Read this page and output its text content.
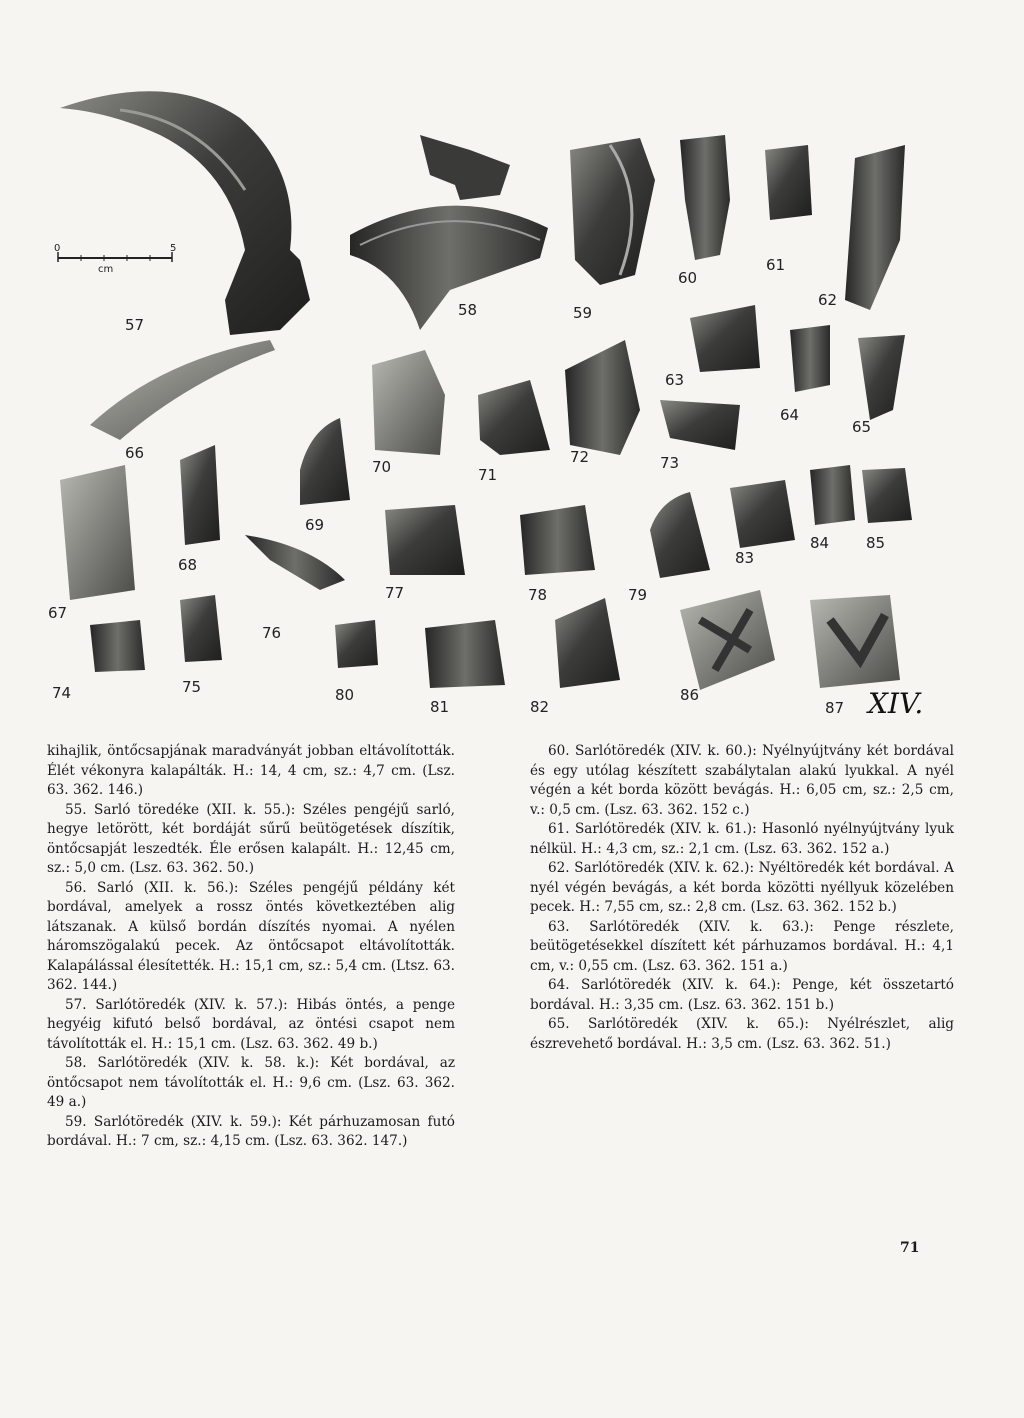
0	5
cm
57
58	59
60
61
62
63
64
65
66
67
68
69
70	71
72	73
74	75
76
77	78	79
80
81	82
83
84 85
86
87 XIV.

kihajlik, öntőcsapjának maradványát jobban eltávolították. Élét vékonyra kalapálták. H.: 14, 4 cm, sz.: 4,7 cm. (Lsz. 63. 362. 146.)

55. Sarló töredéke (XII. k. 55.): Széles pengéjű sarló, hegye letörött, két bordáját sűrű beütögetések díszítik, öntőcsapját leszedték. Éle erősen kalapált. H.: 12,45 cm, sz.: 5,0 cm. (Lsz. 63. 362. 50.)

56. Sarló (XII. k. 56.): Széles pengéjű példány két bordával, amelyek a rossz öntés következtében alig látszanak. A külső bordán díszítés nyomai. A nyélen háromszögalakú pecek. Az öntőcsapot eltávolították. Kalapálással élesítették. H.: 15,1 cm, sz.: 5,4 cm. (Ltsz. 63. 362. 144.)

57. Sarlótöredék (XIV. k. 57.): Hibás öntés, a penge hegyéig kifutó belső bordával, az öntési csapot nem távolították el. H.: 15,1 cm. (Lsz. 63. 362. 49 b.)

58. Sarlótöredék (XIV. k. 58. k.): Két bordával, az öntőcsapot nem távolították el. H.: 9,6 cm. (Lsz. 63. 362. 49 a.)

59. Sarlótöredék (XIV. k. 59.): Két párhuzamosan futó bordával. H.: 7 cm, sz.: 4,15 cm. (Lsz. 63. 362. 147.)

60. Sarlótöredék (XIV. k. 60.): Nyélnyújtvány két bordával és egy utólag készített szabálytalan alakú lyukkal. A nyél végén a két borda között bevágás. H.: 6,05 cm, sz.: 2,5 cm, v.: 0,5 cm. (Lsz. 63. 362. 152 c.)

61. Sarlótöredék (XIV. k. 61.): Hasonló nyélnyújtvány lyuk nélkül. H.: 4,3 cm, sz.: 2,1 cm. (Lsz. 63. 362. 152 a.)

62. Sarlótöredék (XIV. k. 62.): Nyéltöredék két bordával. A nyél végén bevágás, a két borda közötti nyéllyuk közelében pecek. H.: 7,55 cm, sz.: 2,8 cm. (Lsz. 63. 362. 152 b.)

63. Sarlótöredék (XIV. k. 63.): Penge részlete, beütögetésekkel díszített két párhuzamos bordával. H.: 4,1 cm, v.: 0,55 cm. (Lsz. 63. 362. 151 a.)

64. Sarlótöredék (XIV. k. 64.): Penge, két összetartó bordával. H.: 3,35 cm. (Lsz. 63. 362. 151 b.)

65. Sarlótöredék (XIV. k. 65.): Nyélrészlet, alig észrevehető bordával. H.: 3,5 cm. (Lsz. 63. 362. 51.)

71
